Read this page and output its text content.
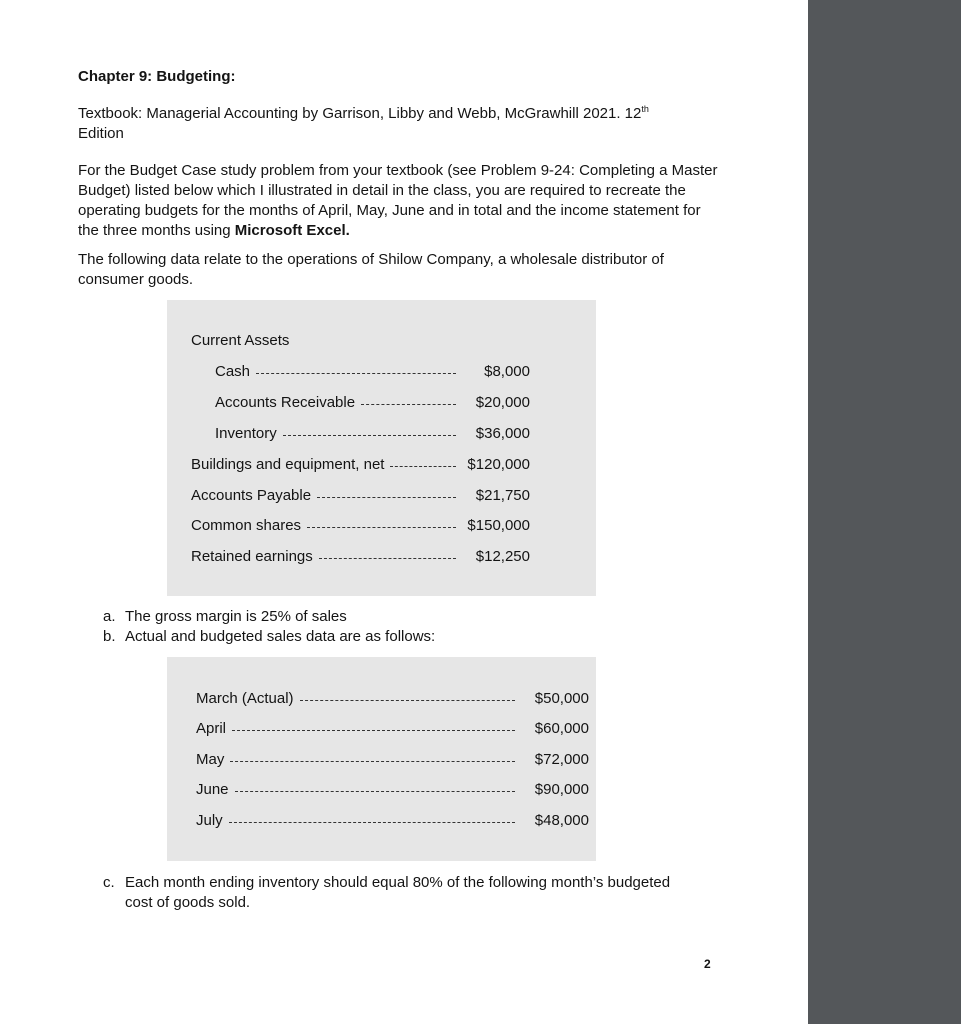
Chapter 9: Budgeting:

Textbook: Managerial Accounting by Garrison, Libby and Webb, McGrawhill 2021. 12th
Edition

For the Budget Case study problem from your textbook (see Problem 9-24: Completing a Master Budget) listed below which I illustrated in detail in the class, you are required to recreate the operating budgets for the months of April, May, June and in total and the income statement for the three months using Microsoft Excel.

The following data relate to the operations of Shilow Company, a wholesale distributor of consumer goods.

Current Assets
Cash	$8,000
Accounts Receivable	$20,000
Inventory	$36,000
Buildings and equipment, net	$120,000
Accounts Payable	$21,750
Common shares	$150,000
Retained earnings	$12,250
a. The gross margin is 25% of sales
b. Actual and budgeted sales data are as follows:
March (Actual)	$50,000
April	$60,000
May	$72,000
June	$90,000
July	$48,000
c. Each month ending inventory should equal 80% of the following month’s budgeted cost of goods sold.
2
